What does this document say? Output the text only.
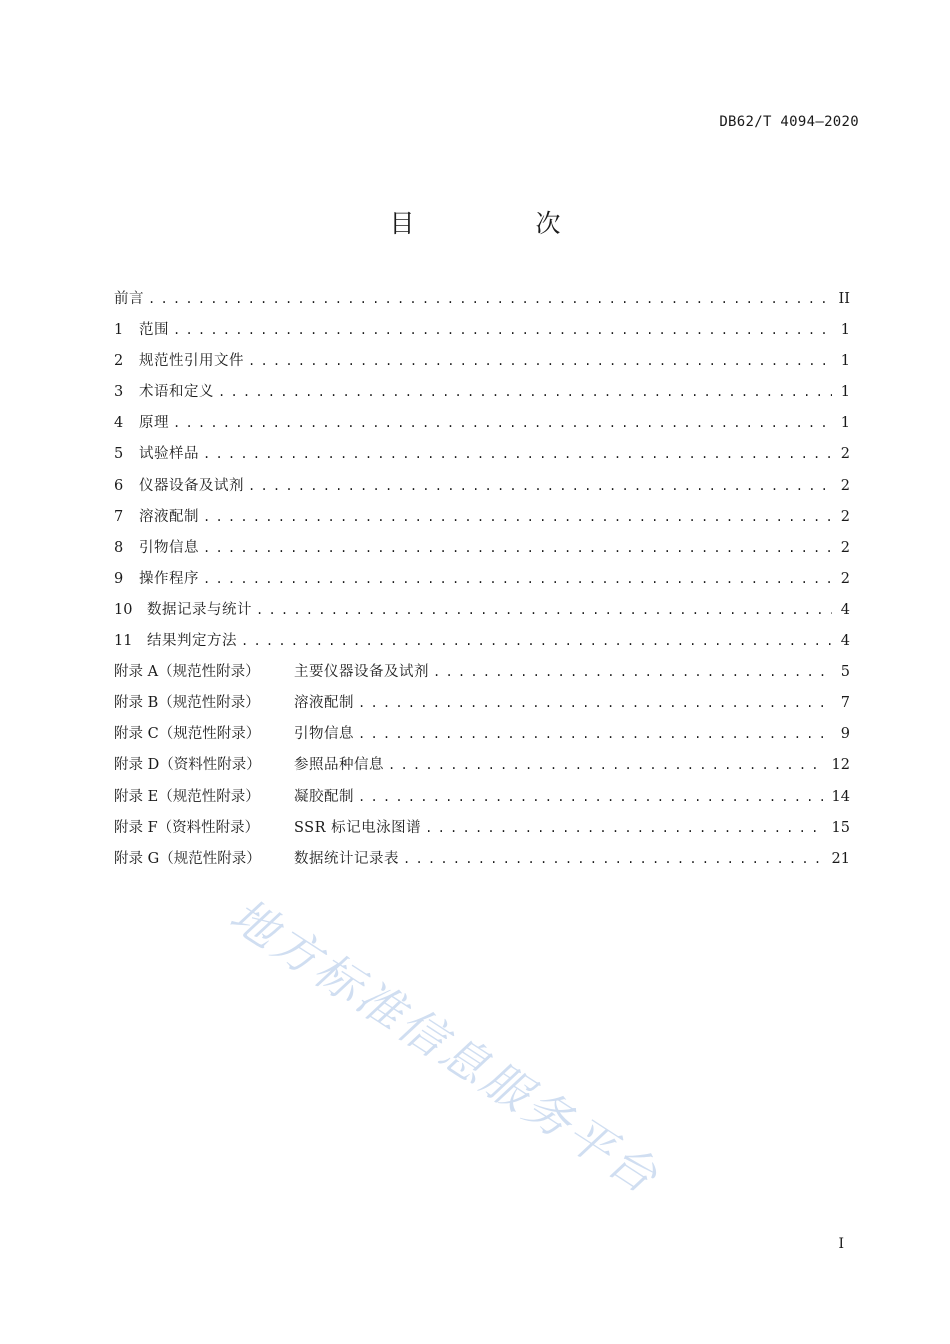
DB62/T 4094—2020
目　次
前言 . . .	II
1	范围 . . .	1
2	规范性引用文件 . . .	1
3	术语和定义 . . .	1
4	原理 . . .	1
5	试验样品 . . .	2
6	仪器设备及试剂 . . .	2
7	溶液配制 . . .	2
8	引物信息 . . .	2
9	操作程序 . . .	2
10	数据记录与统计 . . .	4
11	结果判定方法 . . .	4
附录 A（规范性附录）	主要仪器设备及试剂 . . .	5
附录 B（规范性附录）	溶液配制 . . .	7
附录 C（规范性附录）	引物信息 . . .	9
附录 D（资料性附录）	参照品种信息 . . .	12
附录 E（规范性附录）	凝胶配制 . . .	14
附录 F（资料性附录）	SSR 标记电泳图谱 . . .	15
附录 G（规范性附录）	数据统计记录表 . . .	21
I
地方标准信息服务平台
